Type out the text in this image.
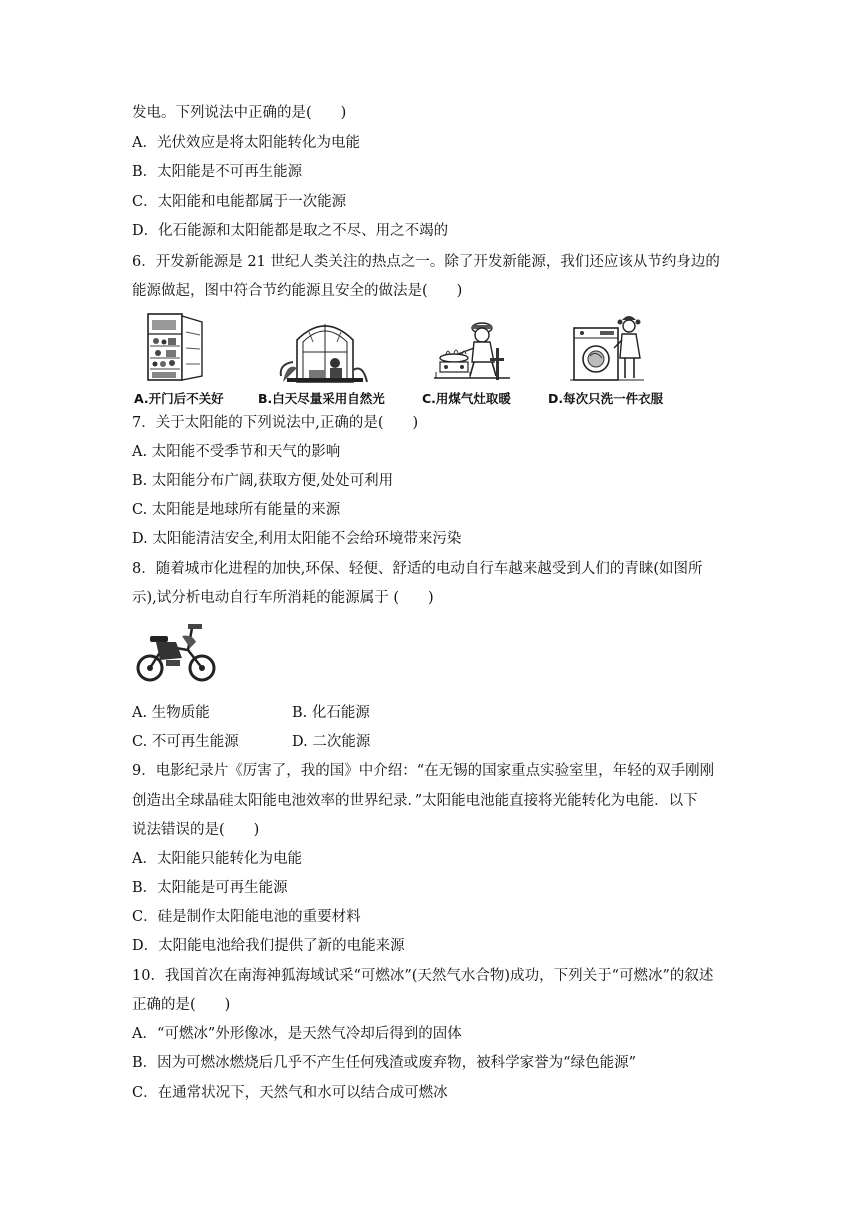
发电。下列说法中正确的是(　　)
A．光伏效应是将太阳能转化为电能
B．太阳能是不可再生能源
C．太阳能和电能都属于一次能源
D．化石能源和太阳能都是取之不尽、用之不竭的
6．开发新能源是 21 世纪人类关注的热点之一。除了开发新能源，我们还应该从节约身边的
能源做起，图中符合节约能源且安全的做法是(　　)
A.开门后不关好	B.白天尽量采用自然光	C.用煤气灶取暖	D.每次只洗一件衣服
7．关于太阳能的下列说法中,正确的是(　　)
A. 太阳能不受季节和天气的影响
B. 太阳能分布广阔,获取方便,处处可利用
C. 太阳能是地球所有能量的来源
D. 太阳能清洁安全,利用太阳能不会给环境带来污染
8．随着城市化进程的加快,环保、轻便、舒适的电动自行车越来越受到人们的青睐(如图所
示),试分析电动自行车所消耗的能源属于 (　　)
A. 生物质能	B. 化石能源
C. 不可再生能源	D. 二次能源
9．电影纪录片《厉害了，我的国》中介绍：“在无锡的国家重点实验室里，年轻的双手刚刚
创造出全球晶硅太阳能电池效率的世界纪录．”太阳能电池能直接将光能转化为电能．以下
说法错误的是(　　)
A．太阳能只能转化为电能
B．太阳能是可再生能源
C．硅是制作太阳能电池的重要材料
D．太阳能电池给我们提供了新的电能来源
10．我国首次在南海神狐海域试采“可燃冰”(天然气水合物)成功，下列关于“可燃冰”的叙述
正确的是(　　)
A．“可燃冰”外形像冰，是天然气冷却后得到的固体
B．因为可燃冰燃烧后几乎不产生任何残渣或废弃物，被科学家誉为“绿色能源”
C．在通常状况下，天然气和水可以结合成可燃冰
